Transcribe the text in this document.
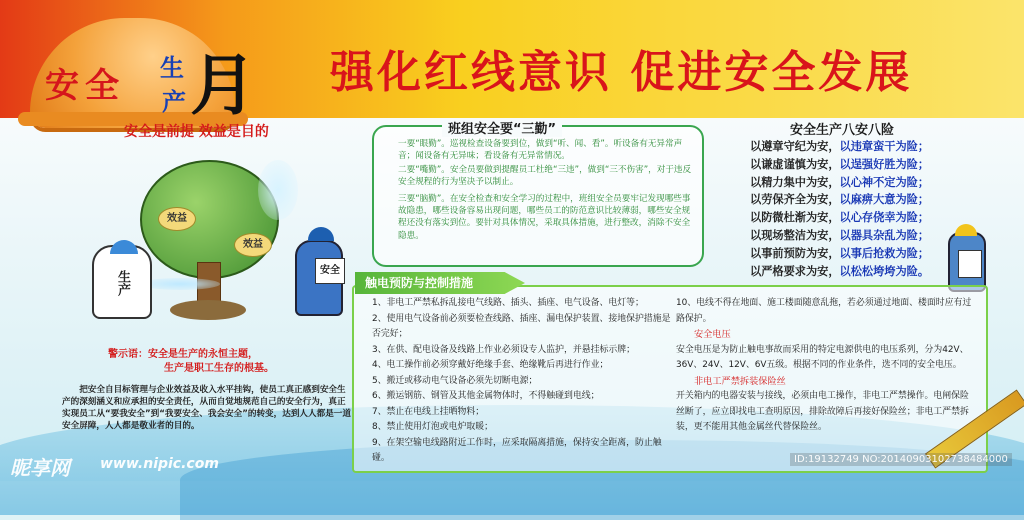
安全 生
产 月 强化红线意识 促进安全发展
安全是前提 效益是目的
效益
效益
生产	安全
警示语：安全是生产的永恒主题，
生产是职工生存的根基。
把安全自目标管理与企业效益及收入水平挂钩，使员工真正感到安全生产的深刻涵义和应承担的安全责任，从而自觉地规范自己的安全行为，真正实现员工从“要我安全”到“我要安全、我会安全”的转变，达到人人都是一道安全屏障，人人都是敬业者的目的。
班组安全要“三勤”
一要“眼勤”。巡视检查设备要到位，做到“听、闻、看”。听设备有无异常声音；闻设备有无异味；看设备有无异常情况。
二要“嘴勤”。安全员要做到提醒员工杜绝“三违”，做到“三不伤害”，对于违反安全规程的行为坚决予以制止。
三要“脑勤”。在安全检查和安全学习的过程中，班组安全员要牢记发现哪些事故隐患，哪些设备容易出现问题，哪些员工的防范意识比较薄弱，哪些安全规程还没有落实到位。要针对具体情况，采取具体措施，进行整改，消除不安全隐患。
安全生产八安八险
以遵章守纪为安，以违章蛮干为险；
以谦虚谨慎为安，以逞强好胜为险；
以精力集中为安，以心神不定为险；
以劳保齐全为安，以麻痹大意为险；
以防微杜渐为安，以心存侥幸为险；
以现场整洁为安，以器具杂乱为险；
以事前预防为安，以事后抢救为险；
以严格要求为安，以松松垮垮为险。
触电预防与控制措施
1、非电工严禁私拆乱接电气线路、插头、插座、电气设备、电灯等；
2、使用电气设备前必须要检查线路、插座、漏电保护装置、接地保护措施是否完好；
3、在供、配电设备及线路上作业必须设专人监护，并悬挂标示牌；
4、电工操作前必须穿戴好绝缘手套、绝缘靴后再进行作业；
5、搬迁或移动电气设备必须先切断电源；
6、搬运钢筋、钢管及其他金属物体时，不得触碰到电线；
7、禁止在电线上挂晒物料；
8、禁止使用灯泡或电炉取暖；
9、在架空输电线路附近工作时，应采取隔离措施，保持安全距离，防止触碰。
10、电线不得在地面、施工楼面随意乱拖，若必须通过地面、楼面时应有过路保护。
安全电压
安全电压是为防止触电事故而采用的特定电源供电的电压系列，分为42V、36V、24V、12V、6V五级。根据不同的作业条件，选不同的安全电压。
非电工严禁拆装保险丝
开关箱内的电器安装与接线，必须由电工操作，非电工严禁操作。电闸保险丝断了，应立即找电工查明原因，排除故障后再接好保险丝；非电工严禁拆装，更不能用其他金属丝代替保险丝。
昵享网 www.nipic.com	ID:19132749 NO:20140903102738484000
